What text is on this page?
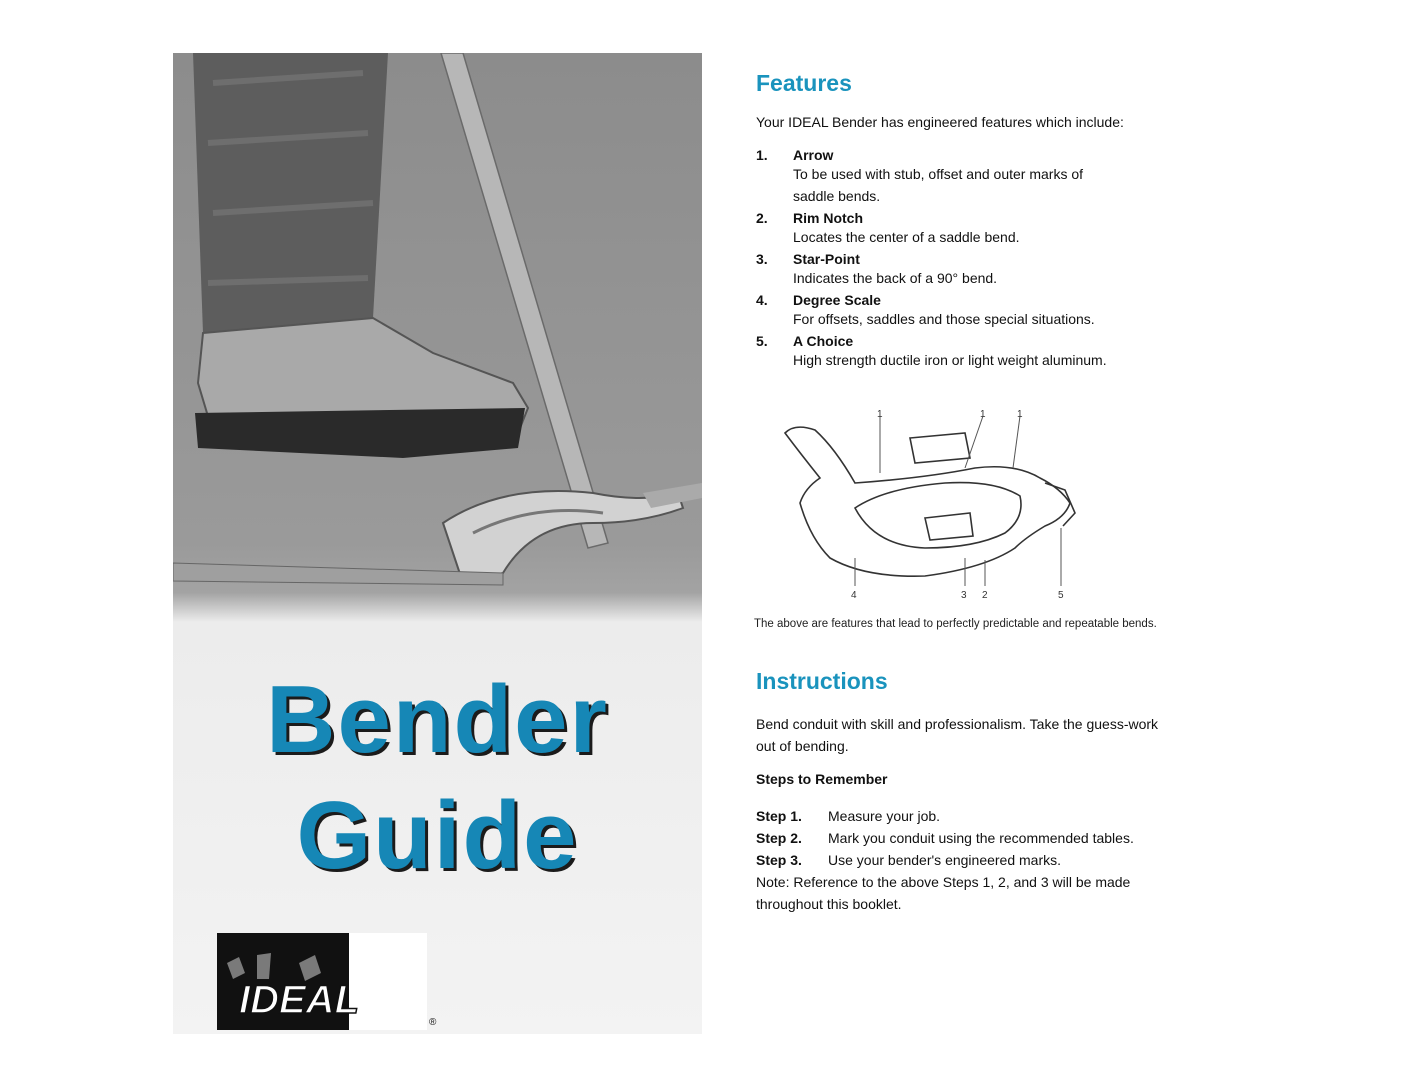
Bender
Guide
IDEAL
®
Features
Your IDEAL Bender has engineered features which include:
1.	Arrow
To be used with stub, offset and outer marks of saddle bends.
2.	Rim Notch
Locates the center of a saddle bend.
3.	Star-Point
Indicates the back of a 90° bend.
4.	Degree Scale
For offsets, saddles and those special situations.
5.	A Choice
High strength ductile iron or light weight aluminum.
1	1	1
4	3 2	5
The above are features that lead to perfectly predictable and repeatable bends.
Instructions

Bend conduit with skill and professionalism. Take the guess-work out of bending.

Steps to Remember

Step 1.	Measure your job.
Step 2.	Mark you conduit using the recommended tables.
Step 3.	Use your bender's engineered marks.

Note: Reference to the above Steps 1, 2, and 3 will be made throughout this booklet.
